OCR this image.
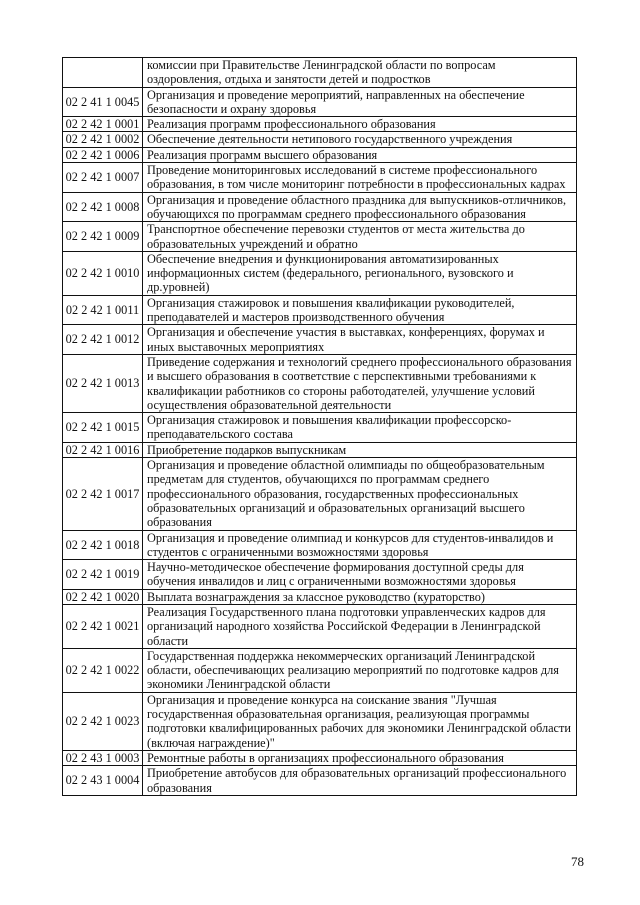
	комиссии при Правительстве Ленинградской области по вопросам оздоровления, отдыха и занятости детей и подростков
02 2 41 1 0045	Организация и проведение мероприятий, направленных на обеспечение безопасности и охрану здоровья
02 2 42 1 0001	Реализация программ профессионального образования
02 2 42 1 0002	Обеспечение деятельности нетипового государственного учреждения
02 2 42 1 0006	Реализация программ высшего образования
02 2 42 1 0007	Проведение мониторинговых исследований в системе профессионального образования, в том числе мониторинг потребности в профессиональных кадрах
02 2 42 1 0008	Организация и проведение областного праздника для выпускников-отличников, обучающихся по программам среднего профессионального образования
02 2 42 1 0009	Транспортное обеспечение перевозки студентов от места жительства до образовательных учреждений и обратно
02 2 42 1 0010	Обеспечение внедрения и функционирования автоматизированных информационных систем (федерального, регионального, вузовского и др.уровней)
02 2 42 1 0011	Организация стажировок и повышения квалификации руководителей, преподавателей и мастеров производственного обучения
02 2 42 1 0012	Организация и обеспечение участия в выставках, конференциях, форумах и иных выставочных мероприятиях
02 2 42 1 0013	Приведение содержания и технологий среднего профессионального образования и высшего образования в соответствие с перспективными требованиями к квалификации работников со стороны работодателей, улучшение условий осуществления образовательной деятельности
02 2 42 1 0015	Организация стажировок и повышения квалификации профессорско-преподавательского состава
02 2 42 1 0016	Приобретение подарков выпускникам
02 2 42 1 0017	Организация и проведение областной олимпиады по общеобразовательным предметам для студентов, обучающихся по программам среднего профессионального образования, государственных профессиональных образовательных организаций и образовательных организаций высшего образования
02 2 42 1 0018	Организация и проведение олимпиад и конкурсов для студентов-инвалидов и студентов с ограниченными возможностями здоровья
02 2 42 1 0019	Научно-методическое обеспечение формирования доступной среды для обучения инвалидов и лиц с ограниченными возможностями здоровья
02 2 42 1 0020	Выплата вознаграждения за классное руководство (кураторство)
02 2 42 1 0021	Реализация Государственного плана подготовки управленческих кадров для организаций народного хозяйства Российской Федерации в Ленинградской области
02 2 42 1 0022	Государственная поддержка некоммерческих организаций Ленинградской области, обеспечивающих реализацию мероприятий по подготовке кадров для экономики Ленинградской области
02 2 42 1 0023	Организация и проведение конкурса на соискание звания "Лучшая государственная образовательная организация, реализующая программы подготовки квалифицированных рабочих для экономики Ленинградской области (включая награждение)"
02 2 43 1 0003	Ремонтные работы в организациях профессионального образования
02 2 43 1 0004	Приобретение автобусов для образовательных организаций профессионального образования
78
